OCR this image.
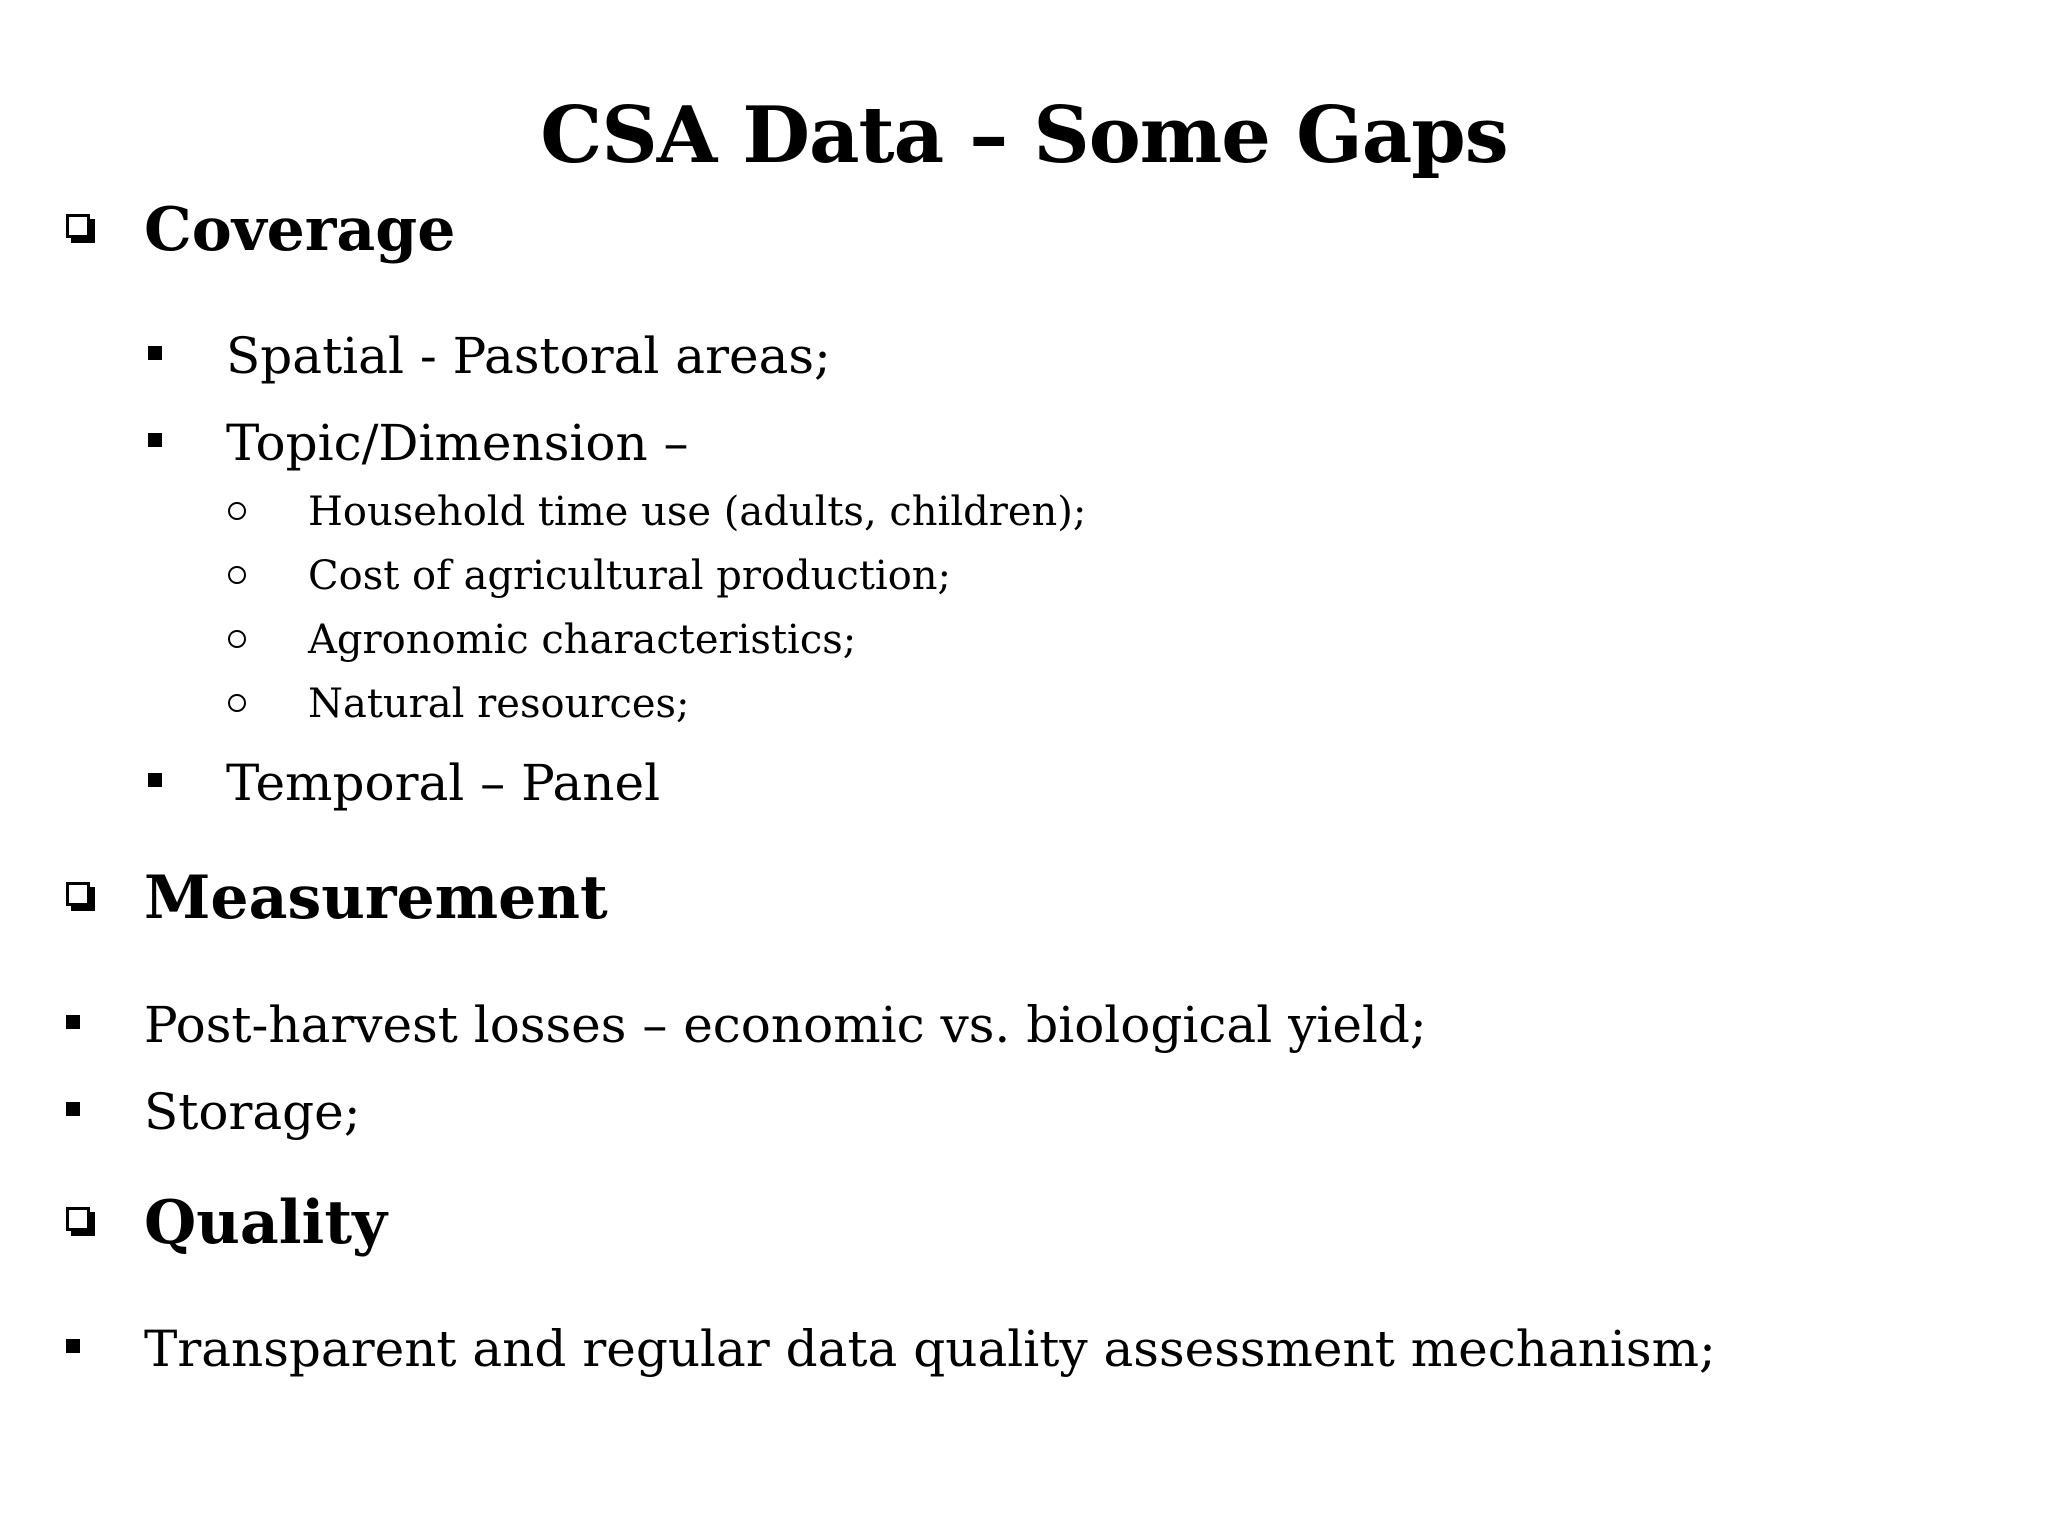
CSA Data – Some Gaps
Coverage
Spatial - Pastoral areas;
Topic/Dimension –
Household time use (adults, children);
Cost of agricultural production;
Agronomic characteristics;
Natural resources;
Temporal – Panel
Measurement
Post-harvest losses – economic vs. biological yield;
Storage;
Quality
Transparent and regular data quality assessment mechanism;
